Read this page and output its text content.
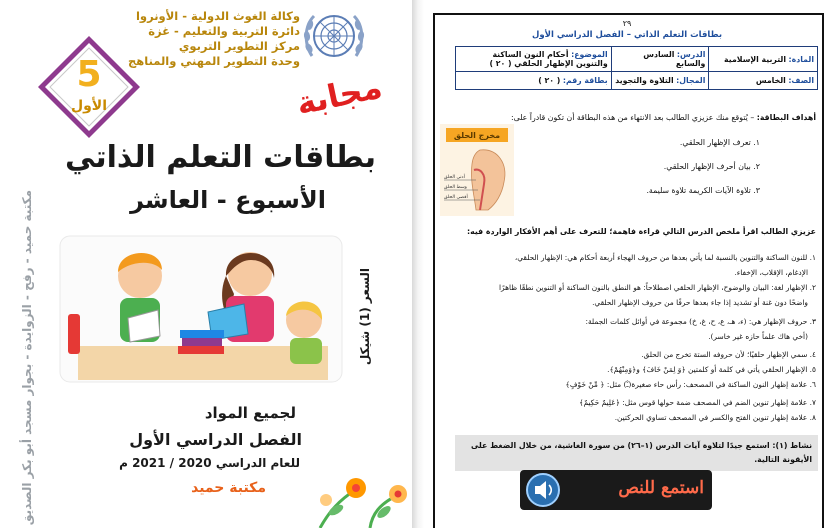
وكالة الغوث الدولية - الأونروا
دائرة التربية والتعليم - غزة
مركز التطوير التربوي
وحدة التطوير المهني والمناهج
5
الأول	مجابة
بطاقات التعلم الذاتي
الأسبوع - العاشر
مكتبة حميد - رفح - الزوايدة - بجوار مسجد أبو بكر الصديق	السعر (1) شيكل
لجميع المواد
الفصل الدراسي الأول
للعام الدراسي 2020 / 2021 م
مكتبة حميد
٢٩
بطاقات التعلم الذاتي – الفصل الدراسي الأول
المادة: التربية الإسلامية	الدرس: السادس والسابع	الموضوع: أحكام النون الساكنة والتنوين الإظهار الحلقي ( ٢٠ )
الصف: الخامس	المجال: التلاوة والتجويد	بطاقة رقم: ( ٢٠ )
أهداف البطاقة: – يُتوقع منك عزيزي الطالب بعد الانتهاء من هذه البطاقة أن تكون قادراً على:
١. تعرف الإظهار الحلقي.
٢. بيان أحرف الإظهار الحلقي.
٣. تلاوة الآيات الكريمة تلاوة سليمة.
مخرج الحلق
أدنى الحلق
وسط الحلق
أقصى الحلق
عزيزي الطالب اقرأ ملخص الدرس التالي قراءة فاهمة؛ للتعرف على أهم الأفكار الواردة فيه:
١. للنون الساكنة والتنوين بالنسبة لما يأتي بعدها من حروف الهجاء أربعة أحكام هي: الإظهار الحلقي،
الإدغام، الإقلاب، الإخفاء.
٢. الإظهار لغة: البيان والوضوح، الإظهار الحلقي اصطلاحاً: هو النطق بالنون الساكنة أو التنوين نطقًا ظاهرًا
واضحًا دون غنة أو تشديد إذا جاء بعدها حرفًا من حروف الإظهار الحلقي.
٣. حروف الإظهار هي: (ء، هـ، ع، ح، غ، خ) مجموعة في أوائل كلمات الجملة:
(أخي هاك علماً حازه غير خاسر).
٤. سمي الإظهار حلقيًا؛ لأن حروفه الستة تخرج من الحلق.
٥. الإظهار الحلقي يأتي في كلمة أو كلمتين ﴿وَ لِمَنْ خَافَ﴾ و﴿وَمِنْهُمْ﴾.
٦. علامة إظهار النون الساكنة في المصحف: رأس حاء صغيرة(ـْ) مثل: ﴿ مِّنْ خَوْفٍ﴾
٧. علامة إظهار تنوين الضم في المصحف ضمة حولها قوس مثل: ﴿عَلِيمٌ حَكِيمٌ﴾
٨. علامة إظهار تنوين الفتح والكسر في المصحف تساوي الحركتين.
نشاط (١): استمع جيدًا لتلاوة آيات الدرس (١–٢٦) من سورة الغاشية، من خلال الضغط على الأيقونة التالية.
استمع للنص
